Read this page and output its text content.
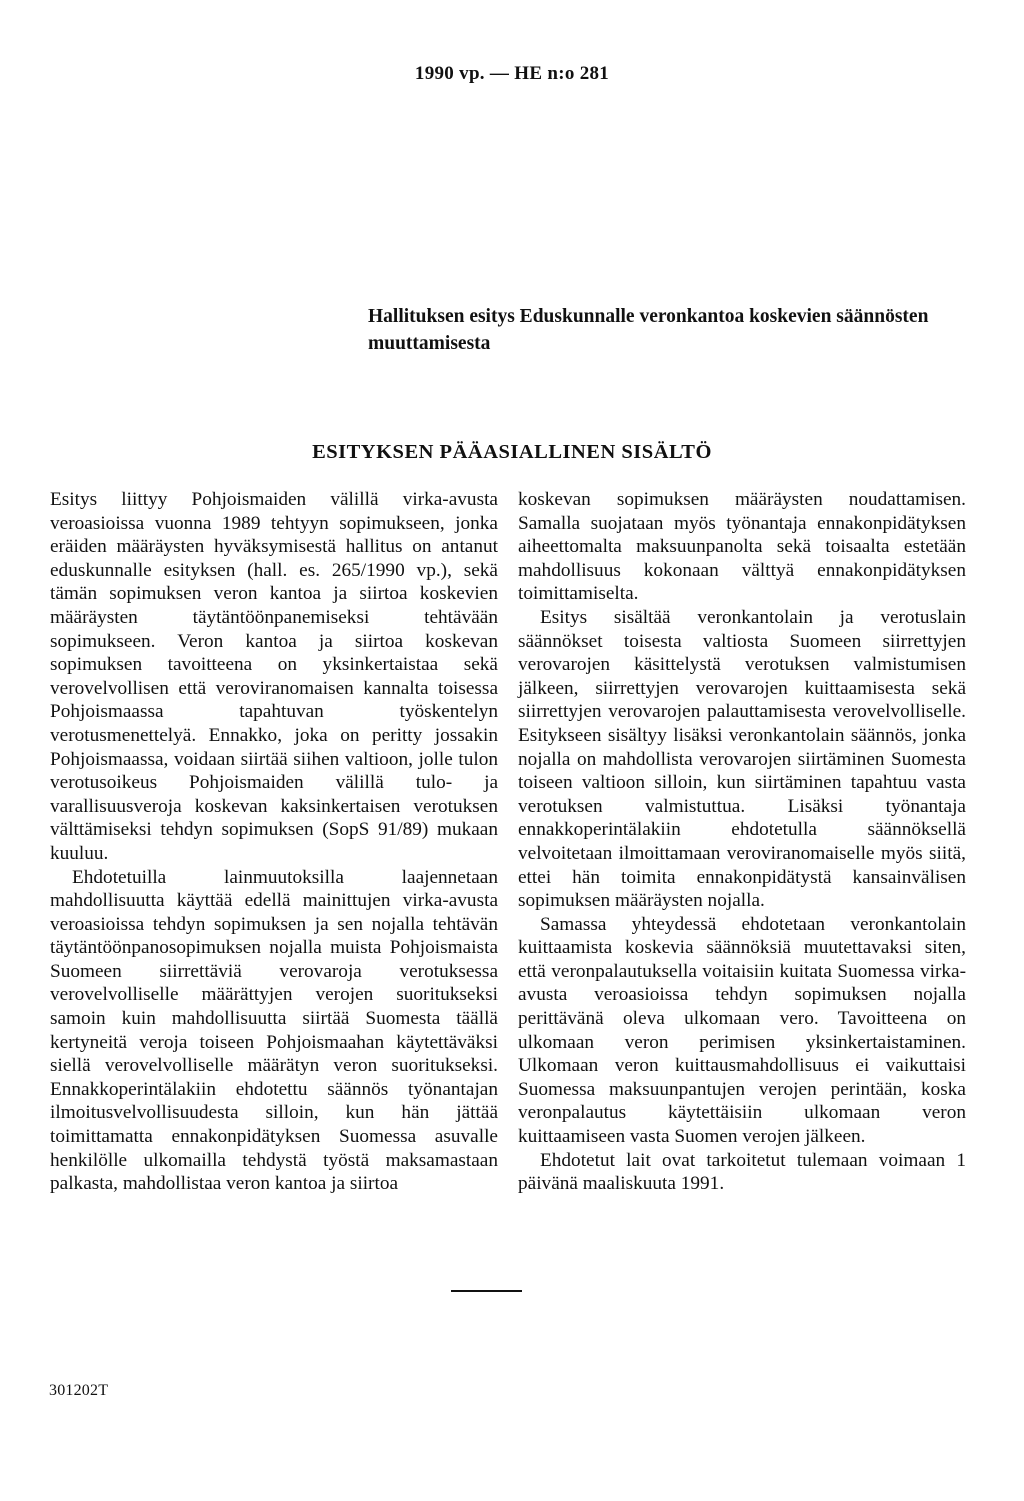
1990 vp. — HE n:o 281
Hallituksen esitys Eduskunnalle veronkantoa koskevien säännösten muuttamisesta
ESITYKSEN PÄÄASIALLINEN SISÄLTÖ

Esitys liittyy Pohjoismaiden välillä virka-avusta veroasioissa vuonna 1989 tehtyyn sopimukseen, jonka eräiden määräysten hyväksymisestä hallitus on antanut eduskunnalle esityksen (hall. es. 265/1990 vp.), sekä tämän sopimuksen veron kantoa ja siirtoa koskevien määräysten täytäntöönpanemiseksi tehtävään sopimukseen. Veron kantoa ja siirtoa koskevan sopimuksen tavoitteena on yksinkertaistaa sekä verovelvollisen että veroviranomaisen kannalta toisessa Pohjoismaassa tapahtuvan työskentelyn verotusmenettelyä. Ennakko, joka on peritty jossakin Pohjoismaassa, voidaan siirtää siihen valtioon, jolle tulon verotusoikeus Pohjoismaiden välillä tulo- ja varallisuusveroja koskevan kaksinkertaisen verotuksen välttämiseksi tehdyn sopimuksen (SopS 91/89) mukaan kuuluu.

Ehdotetuilla lainmuutoksilla laajennetaan mahdollisuutta käyttää edellä mainittujen virka-avusta veroasioissa tehdyn sopimuksen ja sen nojalla tehtävän täytäntöönpanosopimuksen nojalla muista Pohjoismaista Suomeen siirrettäviä verovaroja verotuksessa verovelvolliselle määrättyjen verojen suoritukseksi samoin kuin mahdollisuutta siirtää Suomesta täällä kertyneitä veroja toiseen Pohjoismaahan käytettäväksi siellä verovelvolliselle määrätyn veron suoritukseksi. Ennakkoperintälakiin ehdotettu säännös työnantajan ilmoitusvelvollisuudesta silloin, kun hän jättää toimittamatta ennakonpidätyksen Suomessa asuvalle henkilölle ulkomailla tehdystä työstä maksamastaan palkasta, mahdollistaa veron kantoa ja siirtoa

koskevan sopimuksen määräysten noudattamisen. Samalla suojataan myös työnantaja ennakonpidätyksen aiheettomalta maksuunpanolta sekä toisaalta estetään mahdollisuus kokonaan välttyä ennakonpidätyksen toimittamiselta.

Esitys sisältää veronkantolain ja verotuslain säännökset toisesta valtiosta Suomeen siirrettyjen verovarojen käsittelystä verotuksen valmistumisen jälkeen, siirrettyjen verovarojen kuittaamisesta sekä siirrettyjen verovarojen palauttamisesta verovelvolliselle. Esitykseen sisältyy lisäksi veronkantolain säännös, jonka nojalla on mahdollista verovarojen siirtäminen Suomesta toiseen valtioon silloin, kun siirtäminen tapahtuu vasta verotuksen valmistuttua. Lisäksi työnantaja ennakkoperintälakiin ehdotetulla säännöksellä velvoitetaan ilmoittamaan veroviranomaiselle myös siitä, ettei hän toimita ennakonpidätystä kansainvälisen sopimuksen määräysten nojalla.

Samassa yhteydessä ehdotetaan veronkantolain kuittaamista koskevia säännöksiä muutettavaksi siten, että veronpalautuksella voitaisiin kuitata Suomessa virka-avusta veroasioissa tehdyn sopimuksen nojalla perittävänä oleva ulkomaan vero. Tavoitteena on ulkomaan veron perimisen yksinkertaistaminen. Ulkomaan veron kuittausmahdollisuus ei vaikuttaisi Suomessa maksuunpantujen verojen perintään, koska veronpalautus käytettäisiin ulkomaan veron kuittaamiseen vasta Suomen verojen jälkeen.

Ehdotetut lait ovat tarkoitetut tulemaan voimaan 1 päivänä maaliskuuta 1991.

301202T
